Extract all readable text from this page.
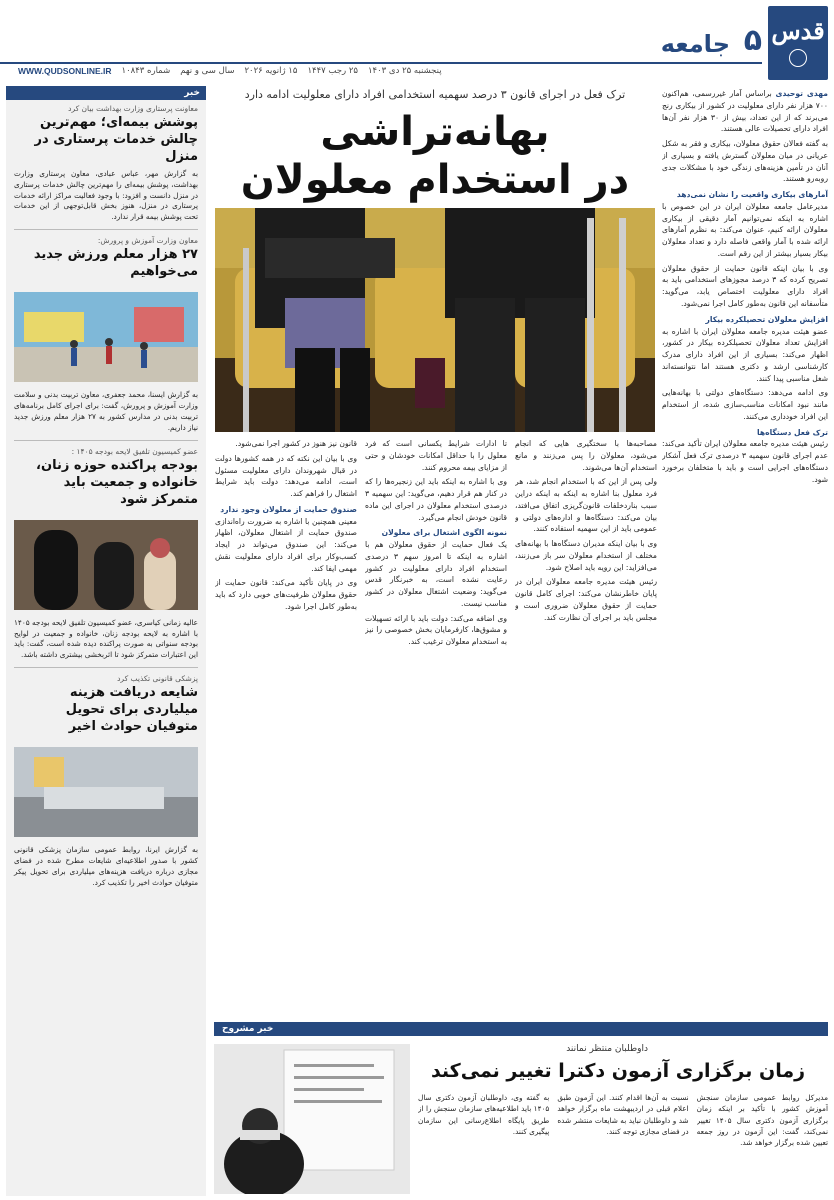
قدس
۵
جامعه
پنجشنبه ۲۵ دی ۱۴۰۳
۲۵ رجب ۱۴۴۷
۱۵ ژانویه ۲۰۲۶
سال سی و نهم
شماره ۱۰۸۴۳
WWW.QUDSONLINE.IR

مهدی توحیدی براساس آمار غیررسمی، هم‌اکنون ۷۰۰ هزار نفر دارای معلولیت در کشور از بیکاری رنج می‌برند که از این تعداد، بیش از ۳۰ هزار نفر آن‌ها افراد دارای تحصیلات عالی هستند.

به گفته فعالان حقوق معلولان، بیکاری و فقر به شکل عریانی در میان معلولان گسترش یافته و بسیاری از آنان در تأمین هزینه‌های زندگی خود با مشکلات جدی روبه‌رو هستند.

آمارهای بیکاری واقعیت را نشان نمی‌دهد

مدیرعامل جامعه معلولان ایران در این خصوص با اشاره به اینکه نمی‌توانیم آمار دقیقی از بیکاری معلولان ارائه کنیم، عنوان می‌کند: به نظرم آمارهای ارائه شده با آمار واقعی فاصله دارد و تعداد معلولان بیکار بسیار بیشتر از این رقم است.

وی با بیان اینکه قانون حمایت از حقوق معلولان تصریح کرده که ۳ درصد مجوزهای استخدامی باید به افراد دارای معلولیت اختصاص یابد، می‌گوید: متأسفانه این قانون به‌طور کامل اجرا نمی‌شود.

افزایش معلولان تحصیلکرده بیکار

عضو هیئت مدیره جامعه معلولان ایران با اشاره به افزایش تعداد معلولان تحصیلکرده بیکار در کشور، اظهار می‌کند: بسیاری از این افراد دارای مدرک کارشناسی ارشد و دکتری هستند اما نتوانسته‌اند شغل مناسبی پیدا کنند.

وی ادامه می‌دهد: دستگاه‌های دولتی با بهانه‌هایی مانند نبود امکانات مناسب‌سازی شده، از استخدام این افراد خودداری می‌کنند.

ترک فعل دستگاه‌ها

رئیس هیئت مدیره جامعه معلولان ایران تأکید می‌کند: عدم اجرای قانون سهمیه ۳ درصدی ترک فعل آشکار دستگاه‌های اجرایی است و باید با متخلفان برخورد شود.

ترک فعل در اجرای قانون ۳ درصد سهمیه استخدامی افراد دارای معلولیت ادامه دارد
بهانه‌تراشی
در استخدام معلولان

مصاحبه‌ها با سختگیری هایی که انجام می‌شود، معلولان را پس می‌زنند و مانع استخدام آن‌ها می‌شوند.

ولی پس از این که با استخدام انجام شد، هر فرد معلول بنا اشاره به اینکه به اینکه دراین سبب بناردخلفات قانون‌گریزی اتفاق می‌افتد، بیان می‌کند: دستگاه‌ها و اداره‌های دولتی و عمومی باید از این سهمیه استفاده کنند.

وی با بیان اینکه مدیران دستگاه‌ها با بهانه‌های مختلف از استخدام معلولان سر باز می‌زنند، می‌افزاید: این رویه باید اصلاح شود.

رئیس هیئت مدیره جامعه معلولان ایران در پایان خاطرنشان می‌کند: اجرای کامل قانون حمایت از حقوق معلولان ضروری است و مجلس باید بر اجرای آن نظارت کند.

تا ادارات شرایط یکسانی است که فرد معلول را با حداقل امکانات خودشان و حتی از مزایای بیمه محروم کنند.

وی با اشاره به اینکه باید این زنجیره‌ها را که در کنار هم قرار دهیم، می‌گوید: این سهمیه ۳ درصدی استخدام معلولان در اجرای این ماده قانون خودش انجام می‌گیرد.

نمونه الگوی اشتغال برای معلولان

یک فعال حمایت از حقوق معلولان هم با اشاره به اینکه تا امروز سهم ۳ درصدی استخدام افراد دارای معلولیت در کشور رعایت نشده است، به خبرنگار قدس می‌گوید: وضعیت اشتغال معلولان در کشور مناسب نیست.

وی اضافه می‌کند: دولت باید با ارائه تسهیلات و مشوق‌ها، کارفرمایان بخش خصوصی را نیز به استخدام معلولان ترغیب کند.

قانون نیز هنوز در کشور اجرا نمی‌شود.

وی با بیان این نکته که در همه کشورها دولت در قبال شهروندان دارای معلولیت مسئول است، ادامه می‌دهد: دولت باید شرایط اشتغال را فراهم کند.

صندوق حمایت از معلولان وجود ندارد

معینی همچنین با اشاره به ضرورت راه‌اندازی صندوق حمایت از اشتغال معلولان، اظهار می‌کند: این صندوق می‌تواند در ایجاد کسب‌وکار برای افراد دارای معلولیت نقش مهمی ایفا کند.

وی در پایان تأکید می‌کند: قانون حمایت از حقوق معلولان ظرفیت‌های خوبی دارد که باید به‌طور کامل اجرا شود.

خبر
معاونت پرستاری وزارت بهداشت بیان کرد
پوشش بیمه‌ای؛ مهم‌ترین چالش خدمات پرستاری در منزل
به گزارش مهر، عباس عبادی، معاون پرستاری وزارت بهداشت، پوشش بیمه‌ای را مهم‌ترین چالش خدمات پرستاری در منزل دانست و افزود: با وجود فعالیت مراکز ارائه خدمات پرستاری در منزل، هنوز بخش قابل‌توجهی از این خدمات تحت پوشش بیمه قرار ندارد.
معاون وزارت آموزش و پرورش:
۲۷ هزار معلم ورزش جدید می‌خواهیم
به گزارش ایسنا، محمد جعفری، معاون تربیت بدنی و سلامت وزارت آموزش و پرورش، گفت: برای اجرای کامل برنامه‌های تربیت بدنی در مدارس کشور به ۲۷ هزار معلم ورزش جدید نیاز داریم.
عضو کمیسیون تلفیق لایحه بودجه ۱۴۰۵ :
بودجه پراکنده حوزه زنان، خانواده و جمعیت باید متمرکز شود
عالیه زمانی کیاسری، عضو کمیسیون تلفیق لایحه بودجه ۱۴۰۵ با اشاره به لایحه بودجه زنان، خانواده و جمعیت در لوایح بودجه سنواتی به صورت پراکنده دیده شده است، گفت: باید این اعتبارات متمرکز شود تا اثربخشی بیشتری داشته باشد.
پزشکی قانونی تکذیب کرد
شایعه دریافت هزینه میلیاردی برای تحویل متوفیان حوادث اخیر
به گزارش ایرنا، روابط عمومی سازمان پزشکی قانونی کشور با صدور اطلاعیه‌ای شایعات مطرح شده در فضای مجازی درباره دریافت هزینه‌های میلیاردی برای تحویل پیکر متوفیان حوادث اخیر را تکذیب کرد.
خبر مشروح
داوطلبان منتظر نمانند
زمان برگزاری آزمون دکترا تغییر نمی‌کند
مدیرکل روابط عمومی سازمان سنجش آموزش کشور با تأکید بر اینکه زمان برگزاری آزمون دکتری سال ۱۴۰۵ تغییر نمی‌کند، گفت: این آزمون در روز جمعه تعیین شده برگزار خواهد شد.
نسبت به آن‌ها اقدام کنند. این آزمون طبق اعلام قبلی در اردیبهشت ماه برگزار خواهد شد و داوطلبان نباید به شایعات منتشر شده در فضای مجازی توجه کنند.
به گفته وی، داوطلبان آزمون دکتری سال ۱۴۰۵ باید اطلاعیه‌های سازمان سنجش را از طریق پایگاه اطلاع‌رسانی این سازمان پیگیری کنند.
